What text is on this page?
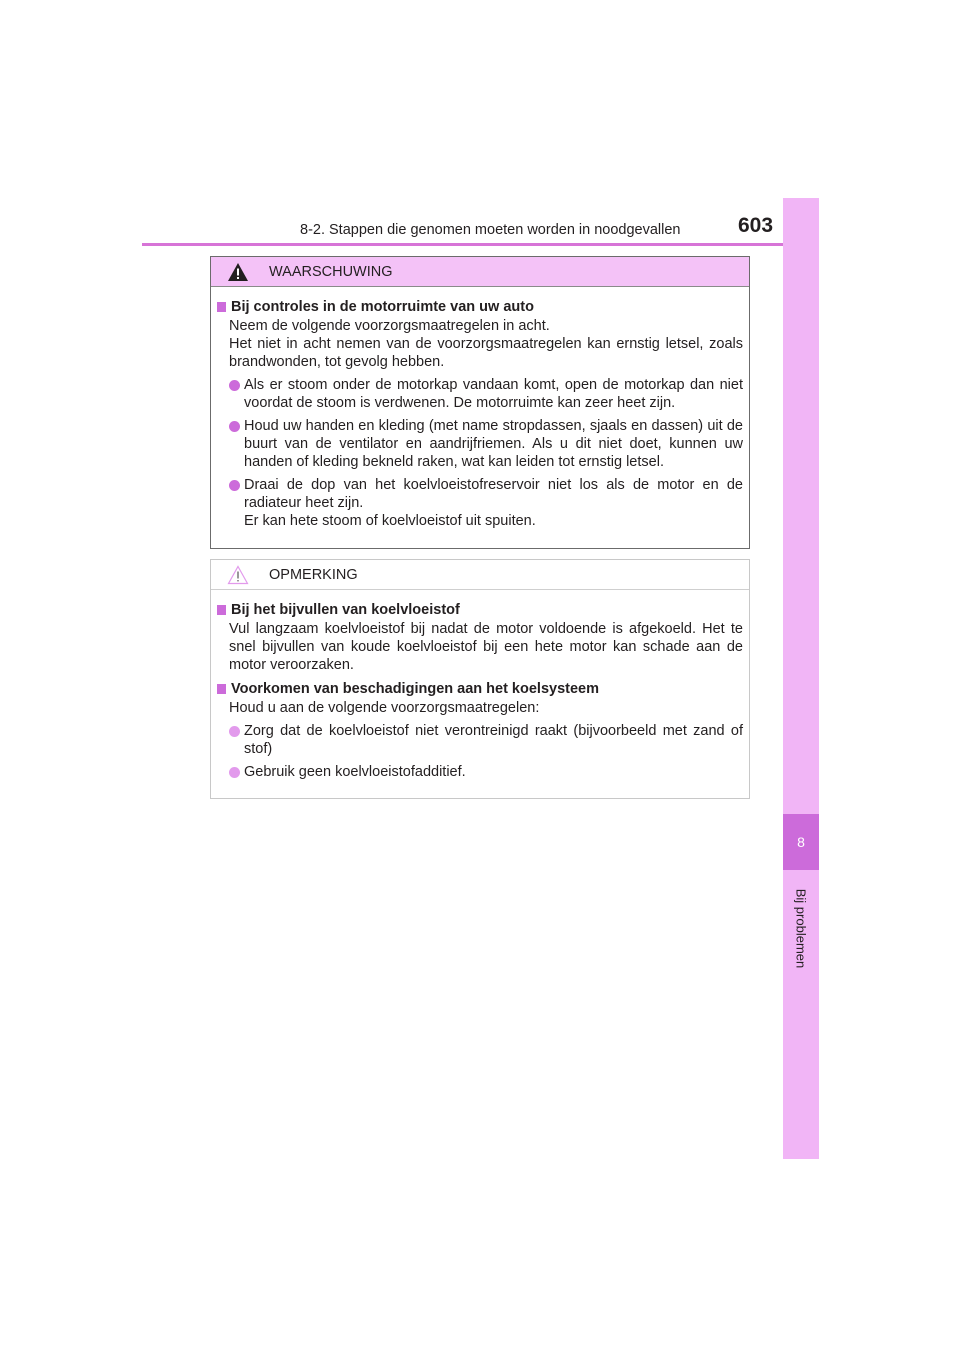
8-2. Stappen die genomen moeten worden in noodgevallen	603
8
Bij problemen
WAARSCHUWING
Bij controles in de motorruimte van uw auto
Neem de volgende voorzorgsmaatregelen in acht.
Het niet in acht nemen van de voorzorgsmaatregelen kan ernstig letsel, zoals brandwonden, tot gevolg hebben.
Als er stoom onder de motorkap vandaan komt, open de motorkap dan niet voordat de stoom is verdwenen. De motorruimte kan zeer heet zijn.
Houd uw handen en kleding (met name stropdassen, sjaals en dassen) uit de buurt van de ventilator en aandrijfriemen. Als u dit niet doet, kunnen uw handen of kleding bekneld raken, wat kan leiden tot ernstig letsel.
Draai de dop van het koelvloeistofreservoir niet los als de motor en de radiateur heet zijn.
Er kan hete stoom of koelvloeistof uit spuiten.
OPMERKING
Bij het bijvullen van koelvloeistof
Vul langzaam koelvloeistof bij nadat de motor voldoende is afgekoeld. Het te snel bijvullen van koude koelvloeistof bij een hete motor kan schade aan de motor veroorzaken.
Voorkomen van beschadigingen aan het koelsysteem
Houd u aan de volgende voorzorgsmaatregelen:
Zorg dat de koelvloeistof niet verontreinigd raakt (bijvoorbeeld met zand of stof)
Gebruik geen koelvloeistofadditief.
